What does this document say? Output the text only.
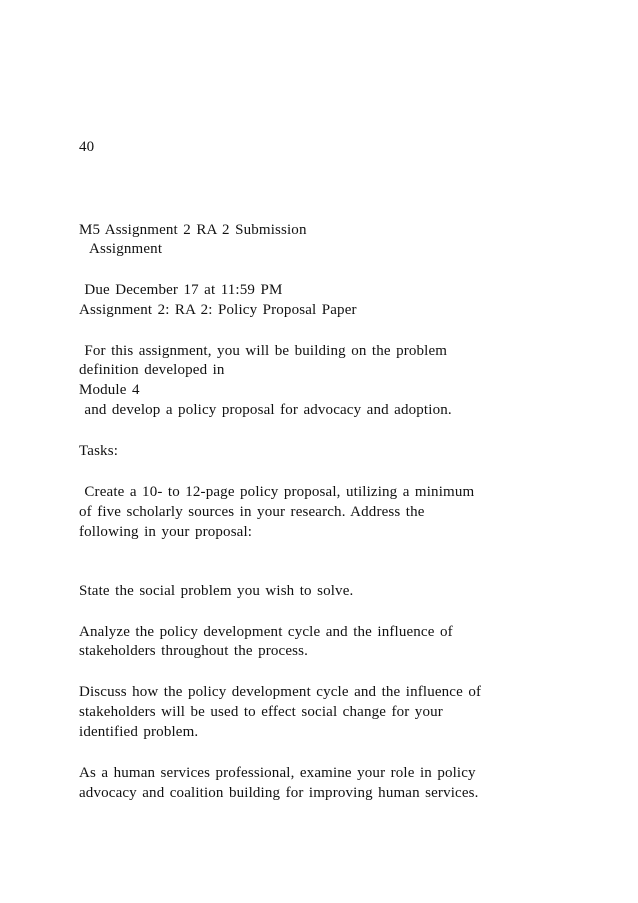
40
M5 Assignment 2 RA 2 Submission
Assignment
Due December 17 at 11:59 PM
Assignment 2: RA 2: Policy Proposal Paper
For this assignment, you will be building on the problem
definition developed in
Module 4
and develop a policy proposal for advocacy and adoption.
Tasks:
Create a 10- to 12-page policy proposal, utilizing a minimum
of five scholarly sources in your research. Address the
following in your proposal:
State the social problem you wish to solve.
Analyze the policy development cycle and the influence of
stakeholders throughout the process.
Discuss how the policy development cycle and the influence of
stakeholders will be used to effect social change for your
identified problem.
As a human services professional, examine your role in policy
advocacy and coalition building for improving human services.
